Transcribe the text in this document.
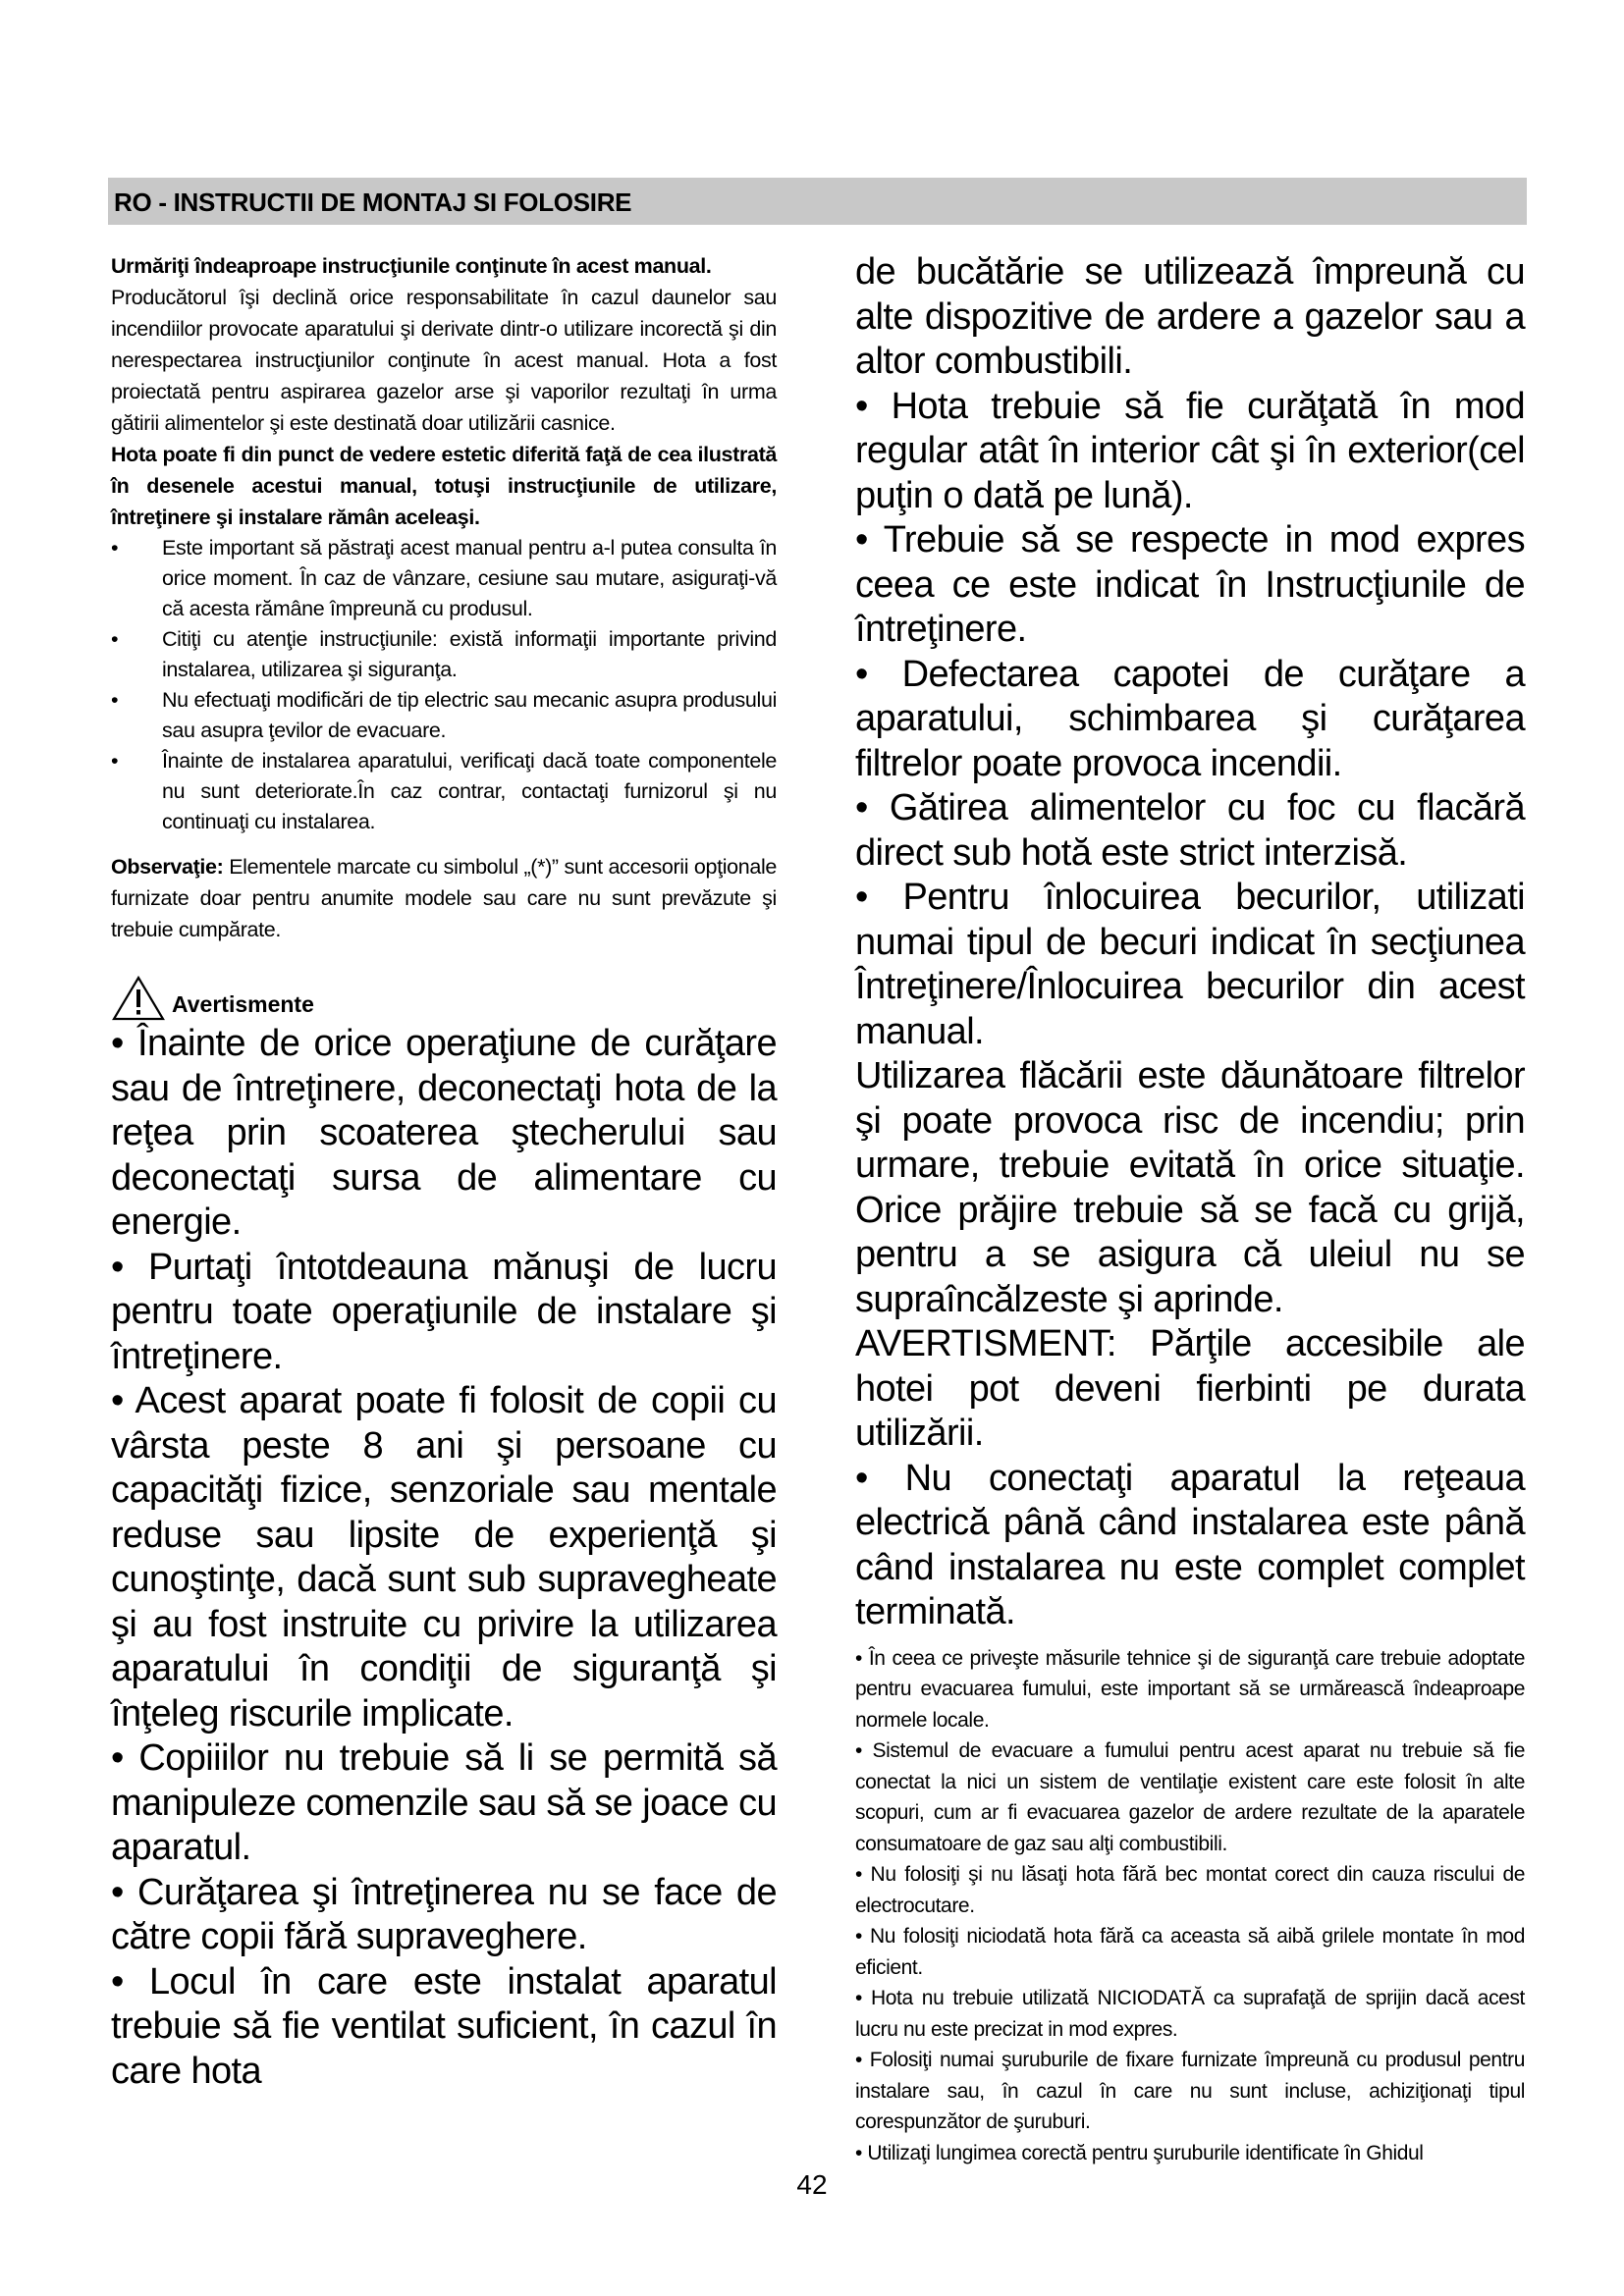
RO - INSTRUCTII DE MONTAJ SI FOLOSIRE

Urmăriţi îndeaproape instrucţiunile conţinute în acest manual.
Producătorul îşi declină orice responsabilitate în cazul daunelor sau incendiilor provocate aparatului şi derivate dintr-o utilizare incorectă şi din nerespectarea instrucţiunilor conţinute în acest manual. Hota a fost proiectată pentru aspirarea gazelor arse şi vaporilor rezultaţi în urma gătirii alimentelor şi este destinată doar utilizării casnice.

Hota poate fi din punct de vedere estetic diferită faţă de cea ilustrată în desenele acestui manual, totuşi instrucţiunile de utilizare, întreţinere şi instalare rămân aceleaşi.

• Este important să păstraţi acest manual pentru a-l putea consulta în orice moment. În caz de vânzare, cesiune sau mutare, asiguraţi-vă că acesta rămâne împreună cu produsul.
• Citiţi cu atenţie instrucţiunile: există informaţii importante privind instalarea, utilizarea şi siguranţa.
• Nu efectuaţi modificări de tip electric sau mecanic asupra produsului sau asupra ţevilor de evacuare.
• Înainte de instalarea aparatului, verificaţi dacă toate componentele nu sunt deteriorate.În caz contrar, contactaţi furnizorul şi nu continuaţi cu instalarea.

Observaţie: Elementele marcate cu simbolul „(*)” sunt accesorii opţionale furnizate doar pentru anumite modele sau care nu sunt prevăzute şi trebuie cumpărate.

Avertismente

• Înainte de orice operaţiune de curăţare sau de întreţinere, deconectaţi hota de la reţea prin scoaterea ştecherului sau deconectaţi sursa de alimentare cu energie.

• Purtaţi întotdeauna mănuşi de lucru pentru toate operaţiunile de instalare şi întreţinere.

• Acest aparat poate fi folosit de copii cu vârsta peste 8 ani şi persoane cu capacităţi fizice, senzoriale sau mentale reduse sau lipsite de experienţă şi cunoştinţe, dacă sunt sub supravegheate şi au fost instruite cu privire la utilizarea aparatului în condiţii de siguranţă şi înţeleg riscurile implicate.

• Copiiilor nu trebuie să li se permită să manipuleze comenzile sau să se joace cu aparatul.

• Curăţarea şi întreţinerea nu se face de către copii fără supraveghere.

• Locul în care este instalat aparatul trebuie să fie ventilat suficient, în cazul în care hota

de bucătărie se utilizează împreună cu alte dispozitive de ardere a gazelor sau a altor combustibili.

• Hota trebuie să fie curăţată în mod regular atât în interior cât şi în exterior(cel puţin o dată pe lună).

• Trebuie să se respecte in mod expres ceea ce este indicat în Instrucţiunile de întreţinere.

• Defectarea capotei de curăţare a aparatului, schimbarea şi curăţarea filtrelor poate provoca incendii.

• Gătirea alimentelor cu foc cu flacără direct sub hotă este strict interzisă.

• Pentru înlocuirea becurilor, utilizati numai tipul de becuri indicat în secţiunea Întreţinere/Înlocuirea becurilor din acest manual.

Utilizarea flăcării este dăunătoare filtrelor şi poate provoca risc de incendiu; prin urmare, trebuie evitată în orice situaţie. Orice prăjire trebuie să se facă cu grijă, pentru a se asigura că uleiul nu se supraîncălzeste şi aprinde.

AVERTISMENT: Părţile accesibile ale hotei pot deveni fierbinti pe durata utilizării.

• Nu conectaţi aparatul la reţeaua electrică până când instalarea este până când instalarea nu este complet complet terminată.

• În ceea ce priveşte măsurile tehnice şi de siguranţă care trebuie adoptate pentru evacuarea fumului, este important să se urmărească îndeaproape normele locale.

• Sistemul de evacuare a fumului pentru acest aparat nu trebuie să fie conectat la nici un sistem de ventilaţie existent care este folosit în alte scopuri, cum ar fi evacuarea gazelor de ardere rezultate de la aparatele consumatoare de gaz sau alţi combustibili.

• Nu folosiţi şi nu lăsaţi hota fără bec montat corect din cauza riscului de electrocutare.

• Nu folosiţi niciodată hota fără ca aceasta să aibă grilele montate în mod eficient.

• Hota nu trebuie utilizată NICIODATĂ ca suprafaţă de sprijin dacă acest lucru nu este precizat in mod expres.

• Folosiţi numai şuruburile de fixare furnizate împreună cu produsul pentru instalare sau, în cazul în care nu sunt incluse, achiziţionaţi tipul corespunzător de şuruburi.

• Utilizaţi lungimea corectă pentru şuruburile identificate în Ghidul

42
